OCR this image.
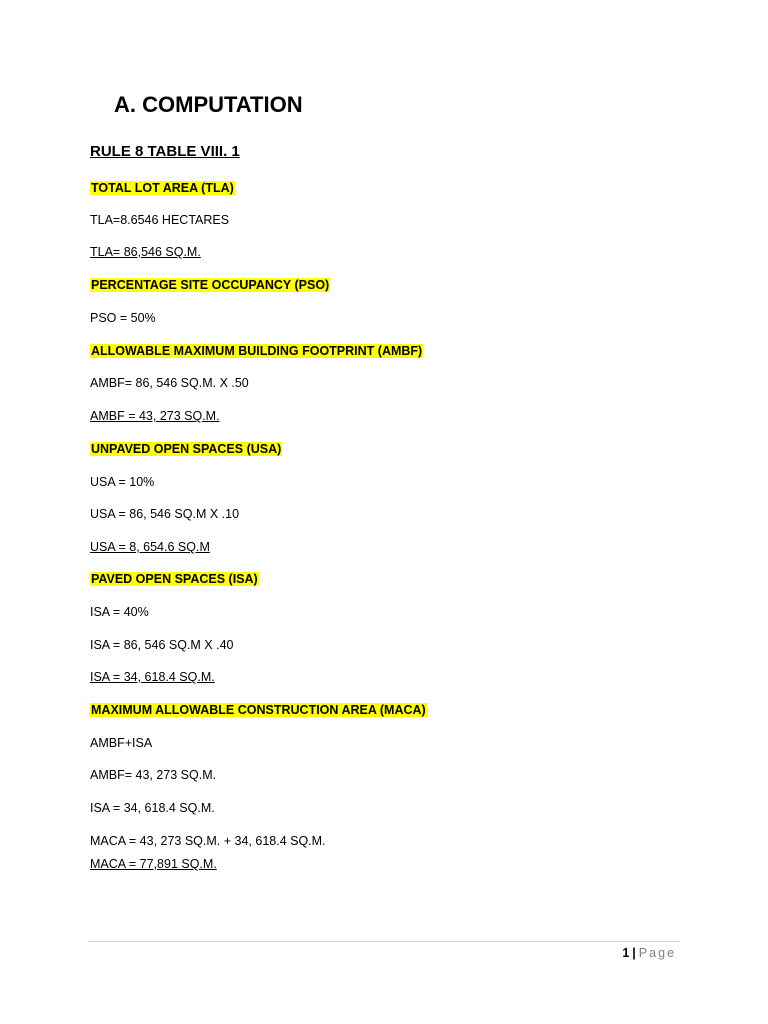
A. COMPUTATION
RULE 8 TABLE VIII. 1
TOTAL LOT AREA (TLA)
TLA=8.6546 HECTARES
TLA= 86,546 SQ.M.
PERCENTAGE SITE OCCUPANCY (PSO)
PSO = 50%
ALLOWABLE MAXIMUM BUILDING FOOTPRINT (AMBF)
AMBF= 86, 546 SQ.M. X .50
AMBF = 43, 273 SQ.M.
UNPAVED OPEN SPACES (USA)
USA = 10%
USA = 86, 546 SQ.M X .10
USA = 8, 654.6 SQ.M
PAVED OPEN SPACES (ISA)
ISA = 40%
ISA = 86, 546 SQ.M X .40
ISA = 34, 618.4 SQ.M.
MAXIMUM ALLOWABLE CONSTRUCTION AREA (MACA)
AMBF+ISA
AMBF= 43, 273 SQ.M.
ISA = 34, 618.4 SQ.M.
MACA = 43, 273 SQ.M. + 34, 618.4 SQ.M.
MACA = 77,891 SQ.M.
1 | Page
